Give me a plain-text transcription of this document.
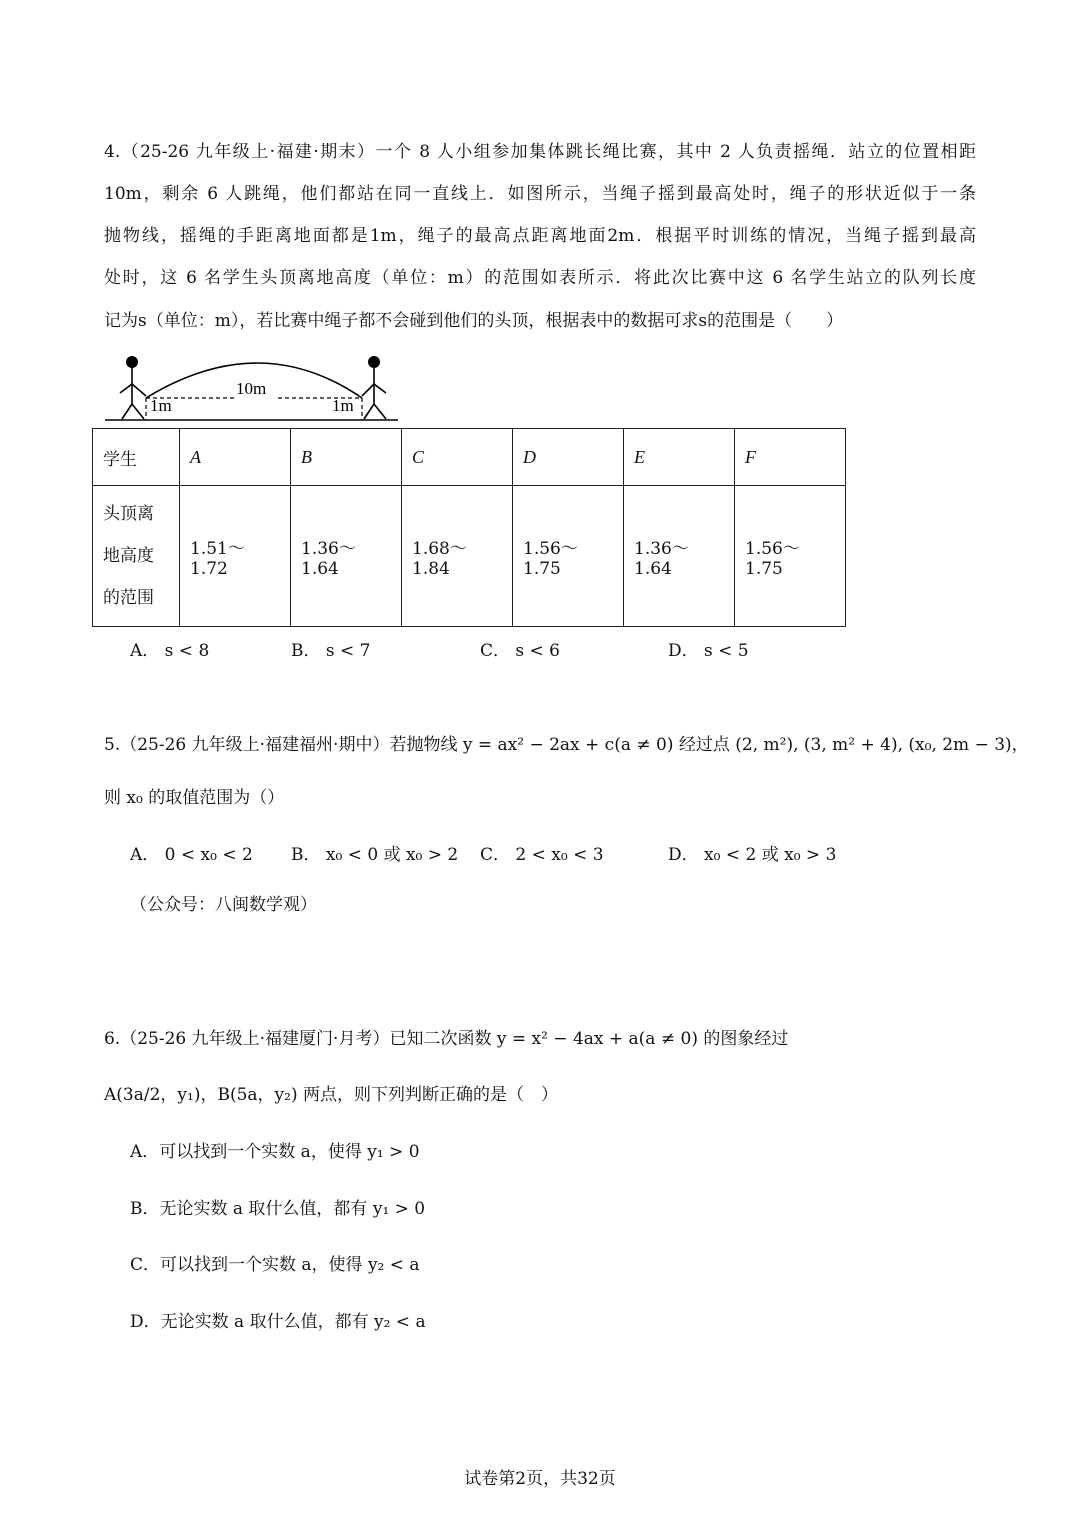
4.（25-26 九年级上·福建·期末）一个 8 人小组参加集体跳长绳比赛，其中 2 人负责摇绳．站立的位置相距
10m，剩余 6 人跳绳，他们都站在同一直线上．如图所示，当绳子摇到最高处时，绳子的形状近似于一条
抛物线，摇绳的手距离地面都是1m，绳子的最高点距离地面2m．根据平时训练的情况，当绳子摇到最高
处时，这 6 名学生头顶离地高度（单位：m）的范围如表所示．将此次比赛中这 6 名学生站立的队列长度
记为s（单位：m），若比赛中绳子都不会碰到他们的头顶，根据表中的数据可求s的范围是（　　）
10m
1m	1m
学生	A	B	C	D	E	F

头顶离
地高度
的范围	1.51～1.72	1.36～1.64	1.68～1.84	1.56～1.75	1.36～1.64	1.56～1.75
A． s < 8	B． s < 7	C． s < 6	D． s < 5
5.（25-26 九年级上·福建福州·期中）若抛物线 y = ax² − 2ax + c(a ≠ 0) 经过点 (2, m²), (3, m² + 4), (x₀, 2m − 3)，
则 x₀ 的取值范围为（）
A． 0 < x₀ < 2 B． x₀ < 0 或 x₀ > 2 C． 2 < x₀ < 3	D． x₀ < 2 或 x₀ > 3
（公众号：八闽数学观）
6.（25-26 九年级上·福建厦门·月考）已知二次函数 y = x² − 4ax + a(a ≠ 0) 的图象经过
A(3a/2，y₁)，B(5a，y₂) 两点，则下列判断正确的是（　）
A．可以找到一个实数 a，使得 y₁ > 0
B．无论实数 a 取什么值，都有 y₁ > 0
C．可以找到一个实数 a，使得 y₂ < a
D．无论实数 a 取什么值，都有 y₂ < a
试卷第2页，共32页
